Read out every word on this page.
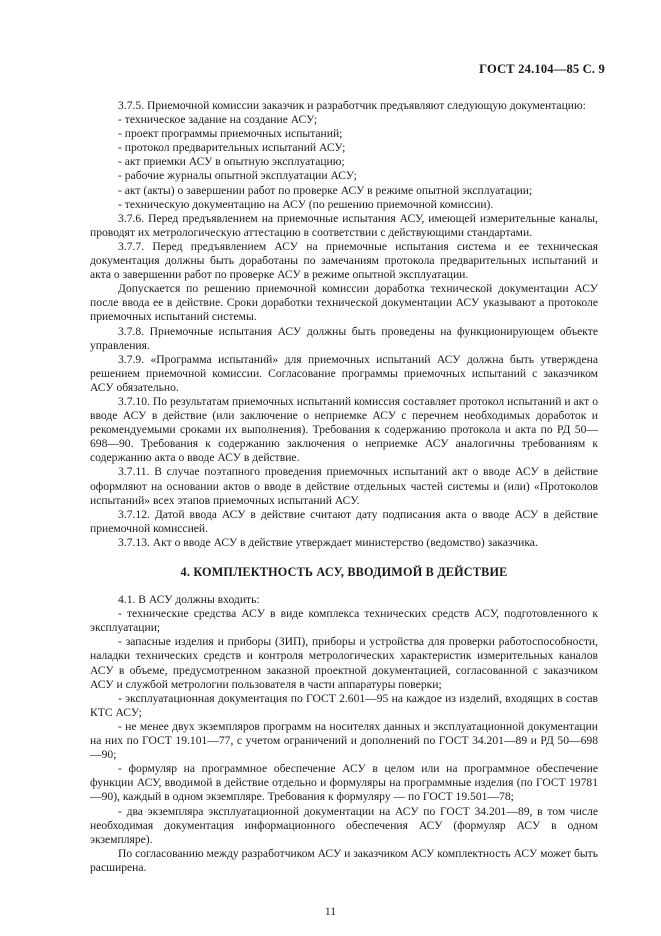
ГОСТ 24.104—85 С. 9

3.7.5. Приемочной комиссии заказчик и разработчик предъявляют следующую документацию:

- техническое задание на создание АСУ;

- проект программы приемочных испытаний;

- протокол предварительных испытаний АСУ;

- акт приемки АСУ в опытную эксплуатацию;

- рабочие журналы опытной эксплуатации АСУ;

- акт (акты) о завершении работ по проверке АСУ в режиме опытной эксплуатации;

- техническую документацию на АСУ (по решению приемочной комиссии).

3.7.6. Перед предъявлением на приемочные испытания АСУ, имеющей измерительные каналы, проводят их метрологическую аттестацию в соответствии с действующими стандартами.

3.7.7. Перед предъявлением АСУ на приемочные испытания система и ее техническая документация должны быть доработаны по замечаниям протокола предварительных испытаний и акта о завершении работ по проверке АСУ в режиме опытной эксплуатации.

Допускается по решению приемочной комиссии доработка технической документации АСУ после ввода ее в действие. Сроки доработки технической документации АСУ указывают а протоколе приемочных испытаний системы.

3.7.8. Приемочные испытания АСУ должны быть проведены на функционирующем объекте управления.

3.7.9. «Программа испытаний» для приемочных испытаний АСУ должна быть утверждена решением приемочной комиссии. Согласование программы приемочных испытаний с заказчиком АСУ обязательно.

3.7.10. По результатам приемочных испытаний комиссия составляет протокол испытаний и акт о вводе АСУ в действие (или заключение о неприемке АСУ с перечнем необходимых доработок и рекомендуемыми сроками их выполнения). Требования к содержанию протокола и акта по РД 50—698—90. Требования к содержанию заключения о неприемке АСУ аналогичны требованиям к содержанию акта о вводе АСУ в действие.

3.7.11. В случае поэтапного проведения приемочных испытаний акт о вводе АСУ в действие оформляют на основании актов о вводе в действие отдельных частей системы и (или) «Протоколов испытаний» всех этапов приемочных испытаний АСУ.

3.7.12. Датой ввода АСУ в действие считают дату подписания акта о вводе АСУ в действие приемочной комиссией.

3.7.13. Акт о вводе АСУ в действие утверждает министерство (ведомство) заказчика.

4. КОМПЛЕКТНОСТЬ АСУ, ВВОДИМОЙ В ДЕЙСТВИЕ

4.1. В АСУ должны входить:

- технические средства АСУ в виде комплекса технических средств АСУ, подготовленного к эксплуатации;

- запасные изделия и приборы (ЗИП), приборы и устройства для проверки работоспособности, наладки технических средств и контроля метрологических характеристик измерительных каналов АСУ в объеме, предусмотренном заказной проектной документацией, согласованной с заказчиком АСУ и службой метрологии пользователя в части аппаратуры поверки;

- эксплуатационная документация по ГОСТ 2.601—95 на каждое из изделий, входящих в состав КТС АСУ;

- не менее двух экземпляров программ на носителях данных и эксплуатационной документации на них по ГОСТ 19.101—77, с учетом ограничений и дополнений по ГОСТ 34.201—89 и РД 50—698—90;

- формуляр на программное обеспечение АСУ в целом или на программное обеспечение функции АСУ, вводимой в действие отдельно и формуляры на программные изделия (по ГОСТ 19781—90), каждый в одном экземпляре. Требования к формуляру — по ГОСТ 19.501—78;

- два экземпляра эксплуатационной документации на АСУ по ГОСТ 34.201—89, в том числе необходимая документация информационного обеспечения АСУ (формуляр АСУ в одном экземпляре).

По согласованию между разработчиком АСУ и заказчиком АСУ комплектность АСУ может быть расширена.

11
